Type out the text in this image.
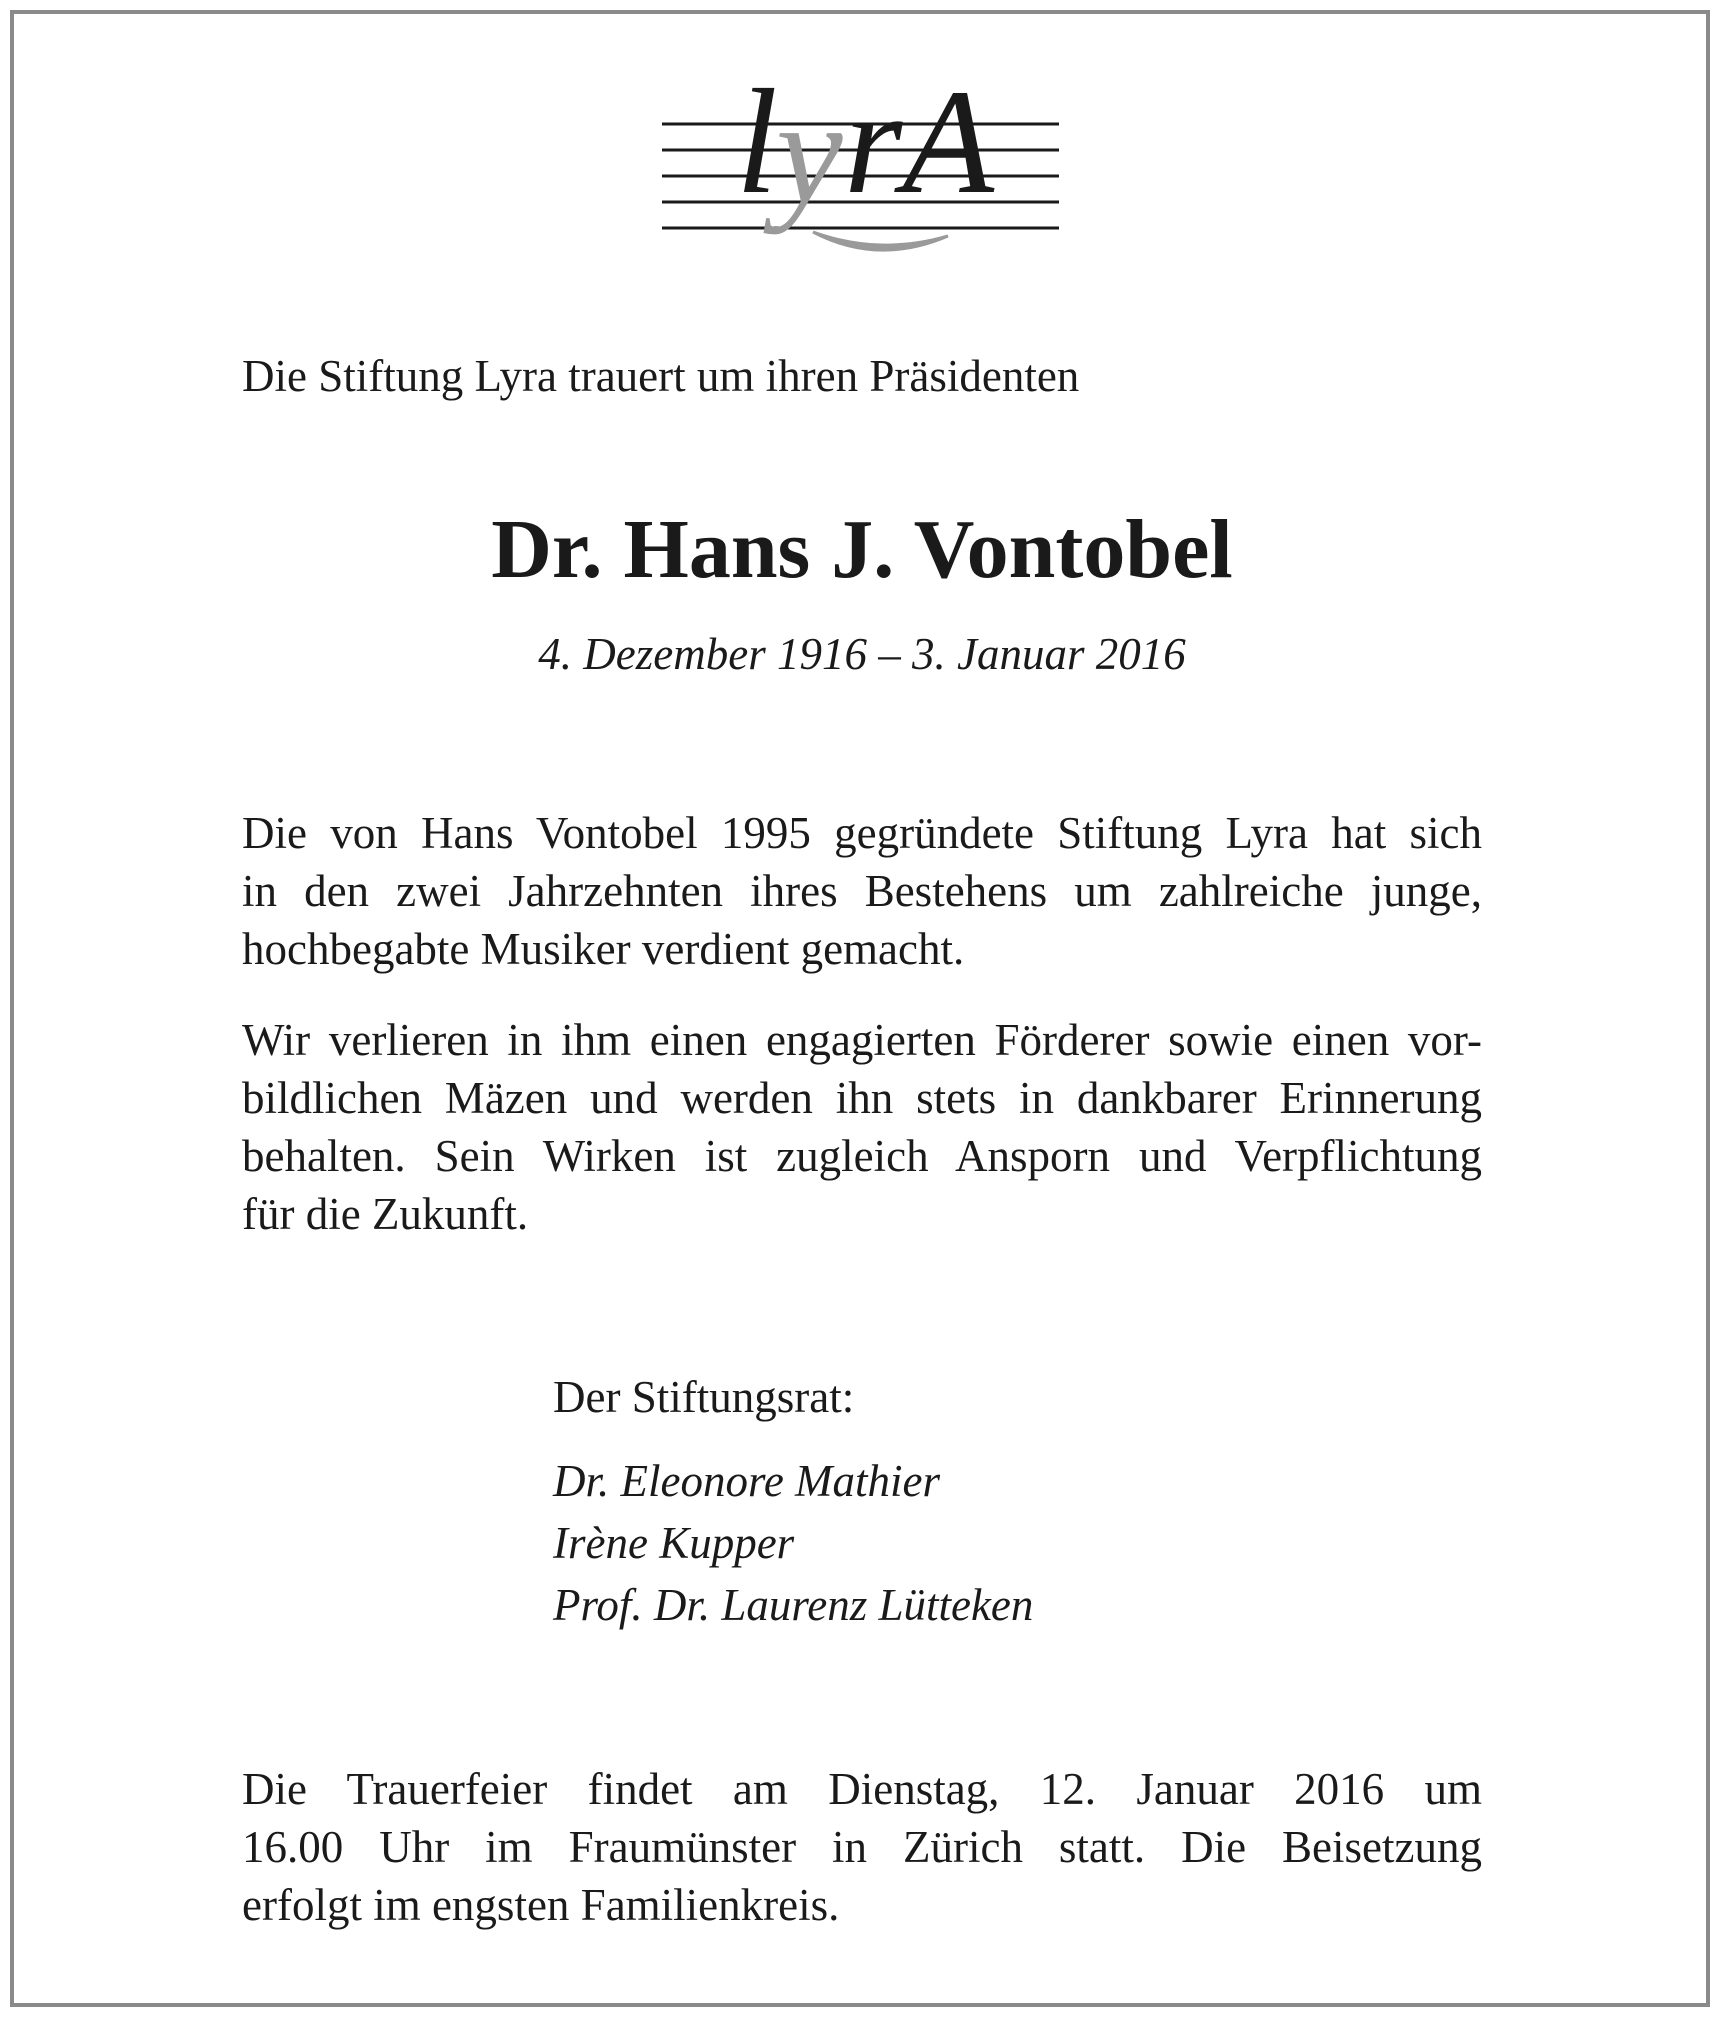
l
y rA
Die Stiftung Lyra trauert um ihren Präsidenten
Dr. Hans J. Vontobel
4. Dezember 1916 – 3. Januar 2016
Die von Hans Vontobel 1995 gegründete Stiftung Lyra hat sich
in den zwei Jahrzehnten ihres Bestehens um zahlreiche junge,
hochbegabte Musiker verdient gemacht.
Wir verlieren in ihm einen engagierten Förderer sowie einen vor-
bildlichen Mäzen und werden ihn stets in dankbarer Erinnerung
behalten. Sein Wirken ist zugleich Ansporn und Verpflichtung
für die Zukunft.
Der Stiftungsrat:
Dr. Eleonore Mathier
Irène Kupper
Prof. Dr. Laurenz Lütteken
Die Trauerfeier findet am Dienstag, 12. Januar 2016 um
16.00 Uhr im Fraumünster in Zürich statt. Die Beisetzung
erfolgt im engsten Familienkreis.
